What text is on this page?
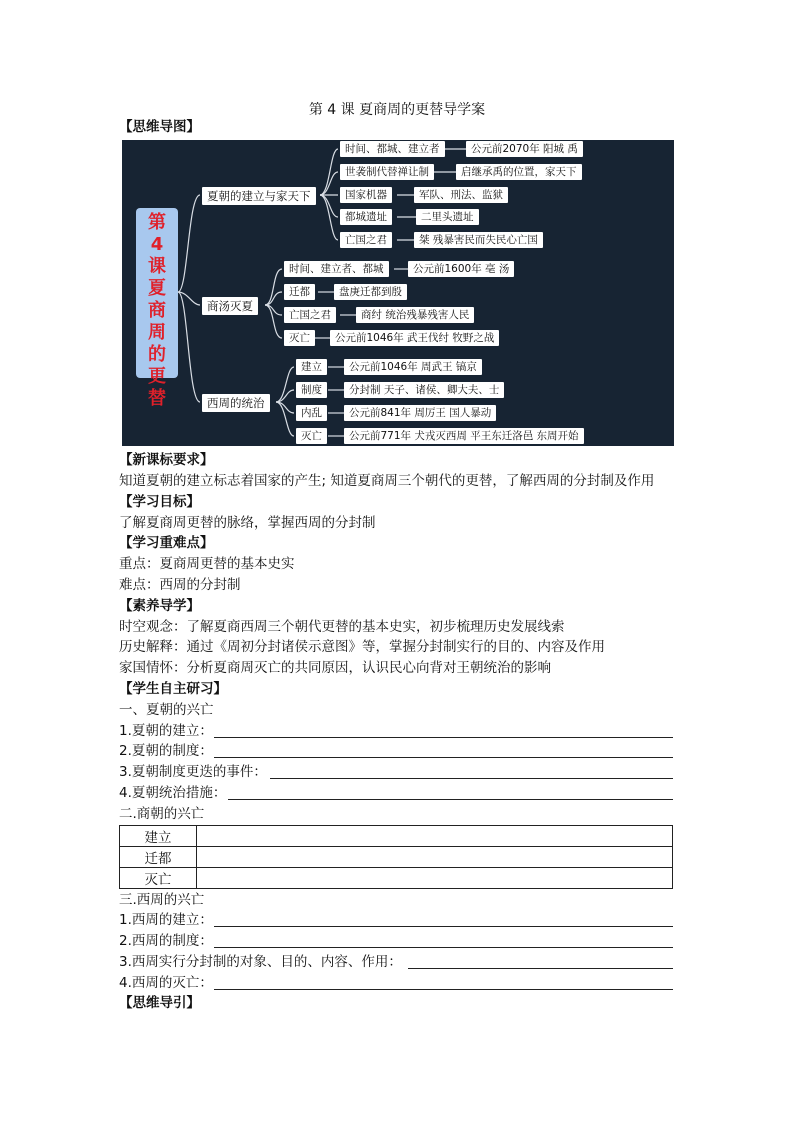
第 4 课 夏商周的更替导学案
【思维导图】
第
4
课
夏
商
周
的
更
替
夏朝的建立与家天下
商汤灭夏
西周的统治
时间、都城、建立者	公元前2070年 阳城 禹
世袭制代替禅让制	启继承禹的位置，家天下
国家机器	军队、刑法、监狱
都城遗址	二里头遗址
亡国之君	桀 残暴害民而失民心亡国
时间、建立者、都城	公元前1600年 亳 汤
迁都	盘庚迁都到殷
亡国之君	商纣 统治残暴残害人民
灭亡	公元前1046年 武王伐纣 牧野之战
建立	公元前1046年 周武王 镐京
制度	分封制 天子、诸侯、卿大夫、士
内乱	公元前841年 周厉王 国人暴动
灭亡	公元前771年 犬戎灭西周 平王东迁洛邑 东周开始
【新课标要求】
知道夏朝的建立标志着国家的产生; 知道夏商周三个朝代的更替，了解西周的分封制及作用
【学习目标】
了解夏商周更替的脉络，掌握西周的分封制
【学习重难点】
重点：夏商周更替的基本史实
难点：西周的分封制
【素养导学】
时空观念：了解夏商西周三个朝代更替的基本史实，初步梳理历史发展线索
历史解释：通过《周初分封诸侯示意图》等，掌握分封制实行的目的、内容及作用
家国情怀：分析夏商周灭亡的共同原因，认识民心向背对王朝统治的影响
【学生自主研习】
一、夏朝的兴亡
1.夏朝的建立：
2.夏朝的制度：
3.夏朝制度更迭的事件：
4.夏朝统治措施：
二.商朝的兴亡
建立	
迁都	
灭亡	
三.西周的兴亡
1.西周的建立：
2.西周的制度：
3.西周实行分封制的对象、目的、内容、作用：
4.西周的灭亡：
【思维导引】
